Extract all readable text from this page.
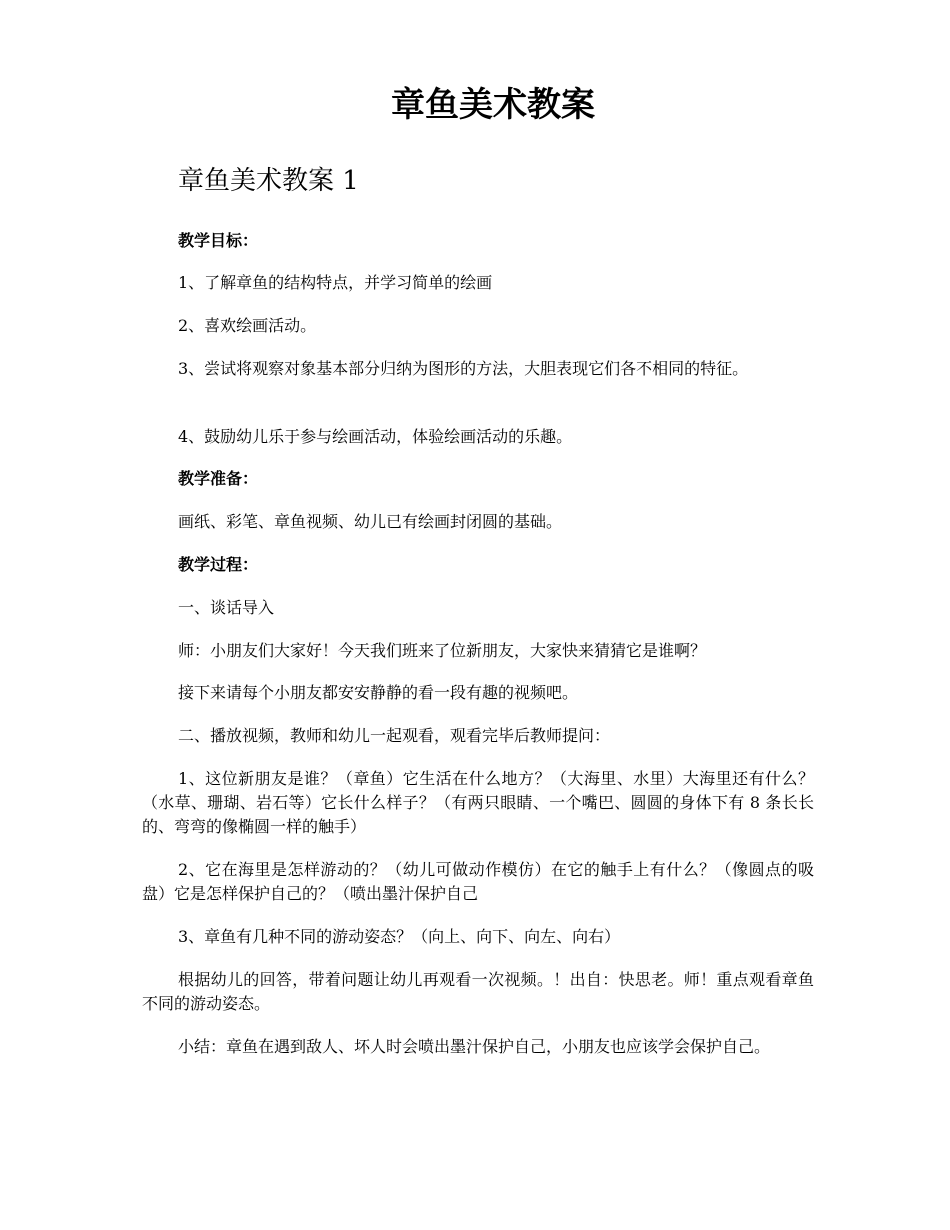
章鱼美术教案
章鱼美术教案 1

教学目标：

1、了解章鱼的结构特点，并学习简单的绘画

2、喜欢绘画活动。

3、尝试将观察对象基本部分归纳为图形的方法，大胆表现它们各不相同的特征。

4、鼓励幼儿乐于参与绘画活动，体验绘画活动的乐趣。

教学准备：

画纸、彩笔、章鱼视频、幼儿已有绘画封闭圆的基础。

教学过程：

一、谈话导入

师：小朋友们大家好！今天我们班来了位新朋友，大家快来猜猜它是谁啊？

接下来请每个小朋友都安安静静的看一段有趣的视频吧。

二、播放视频，教师和幼儿一起观看，观看完毕后教师提问：

1、这位新朋友是谁？（章鱼）它生活在什么地方？（大海里、水里）大海里还有什么？（水草、珊瑚、岩石等）它长什么样子？（有两只眼睛、一个嘴巴、圆圆的身体下有 8 条长长的、弯弯的像椭圆一样的触手）

2、它在海里是怎样游动的？（幼儿可做动作模仿）在它的触手上有什么？（像圆点的吸盘）它是怎样保护自己的？（喷出墨汁保护自己

3、章鱼有几种不同的游动姿态？（向上、向下、向左、向右）

根据幼儿的回答，带着问题让幼儿再观看一次视频。！出自：快思老。师！重点观看章鱼不同的游动姿态。

小结：章鱼在遇到敌人、坏人时会喷出墨汁保护自己，小朋友也应该学会保护自己。
